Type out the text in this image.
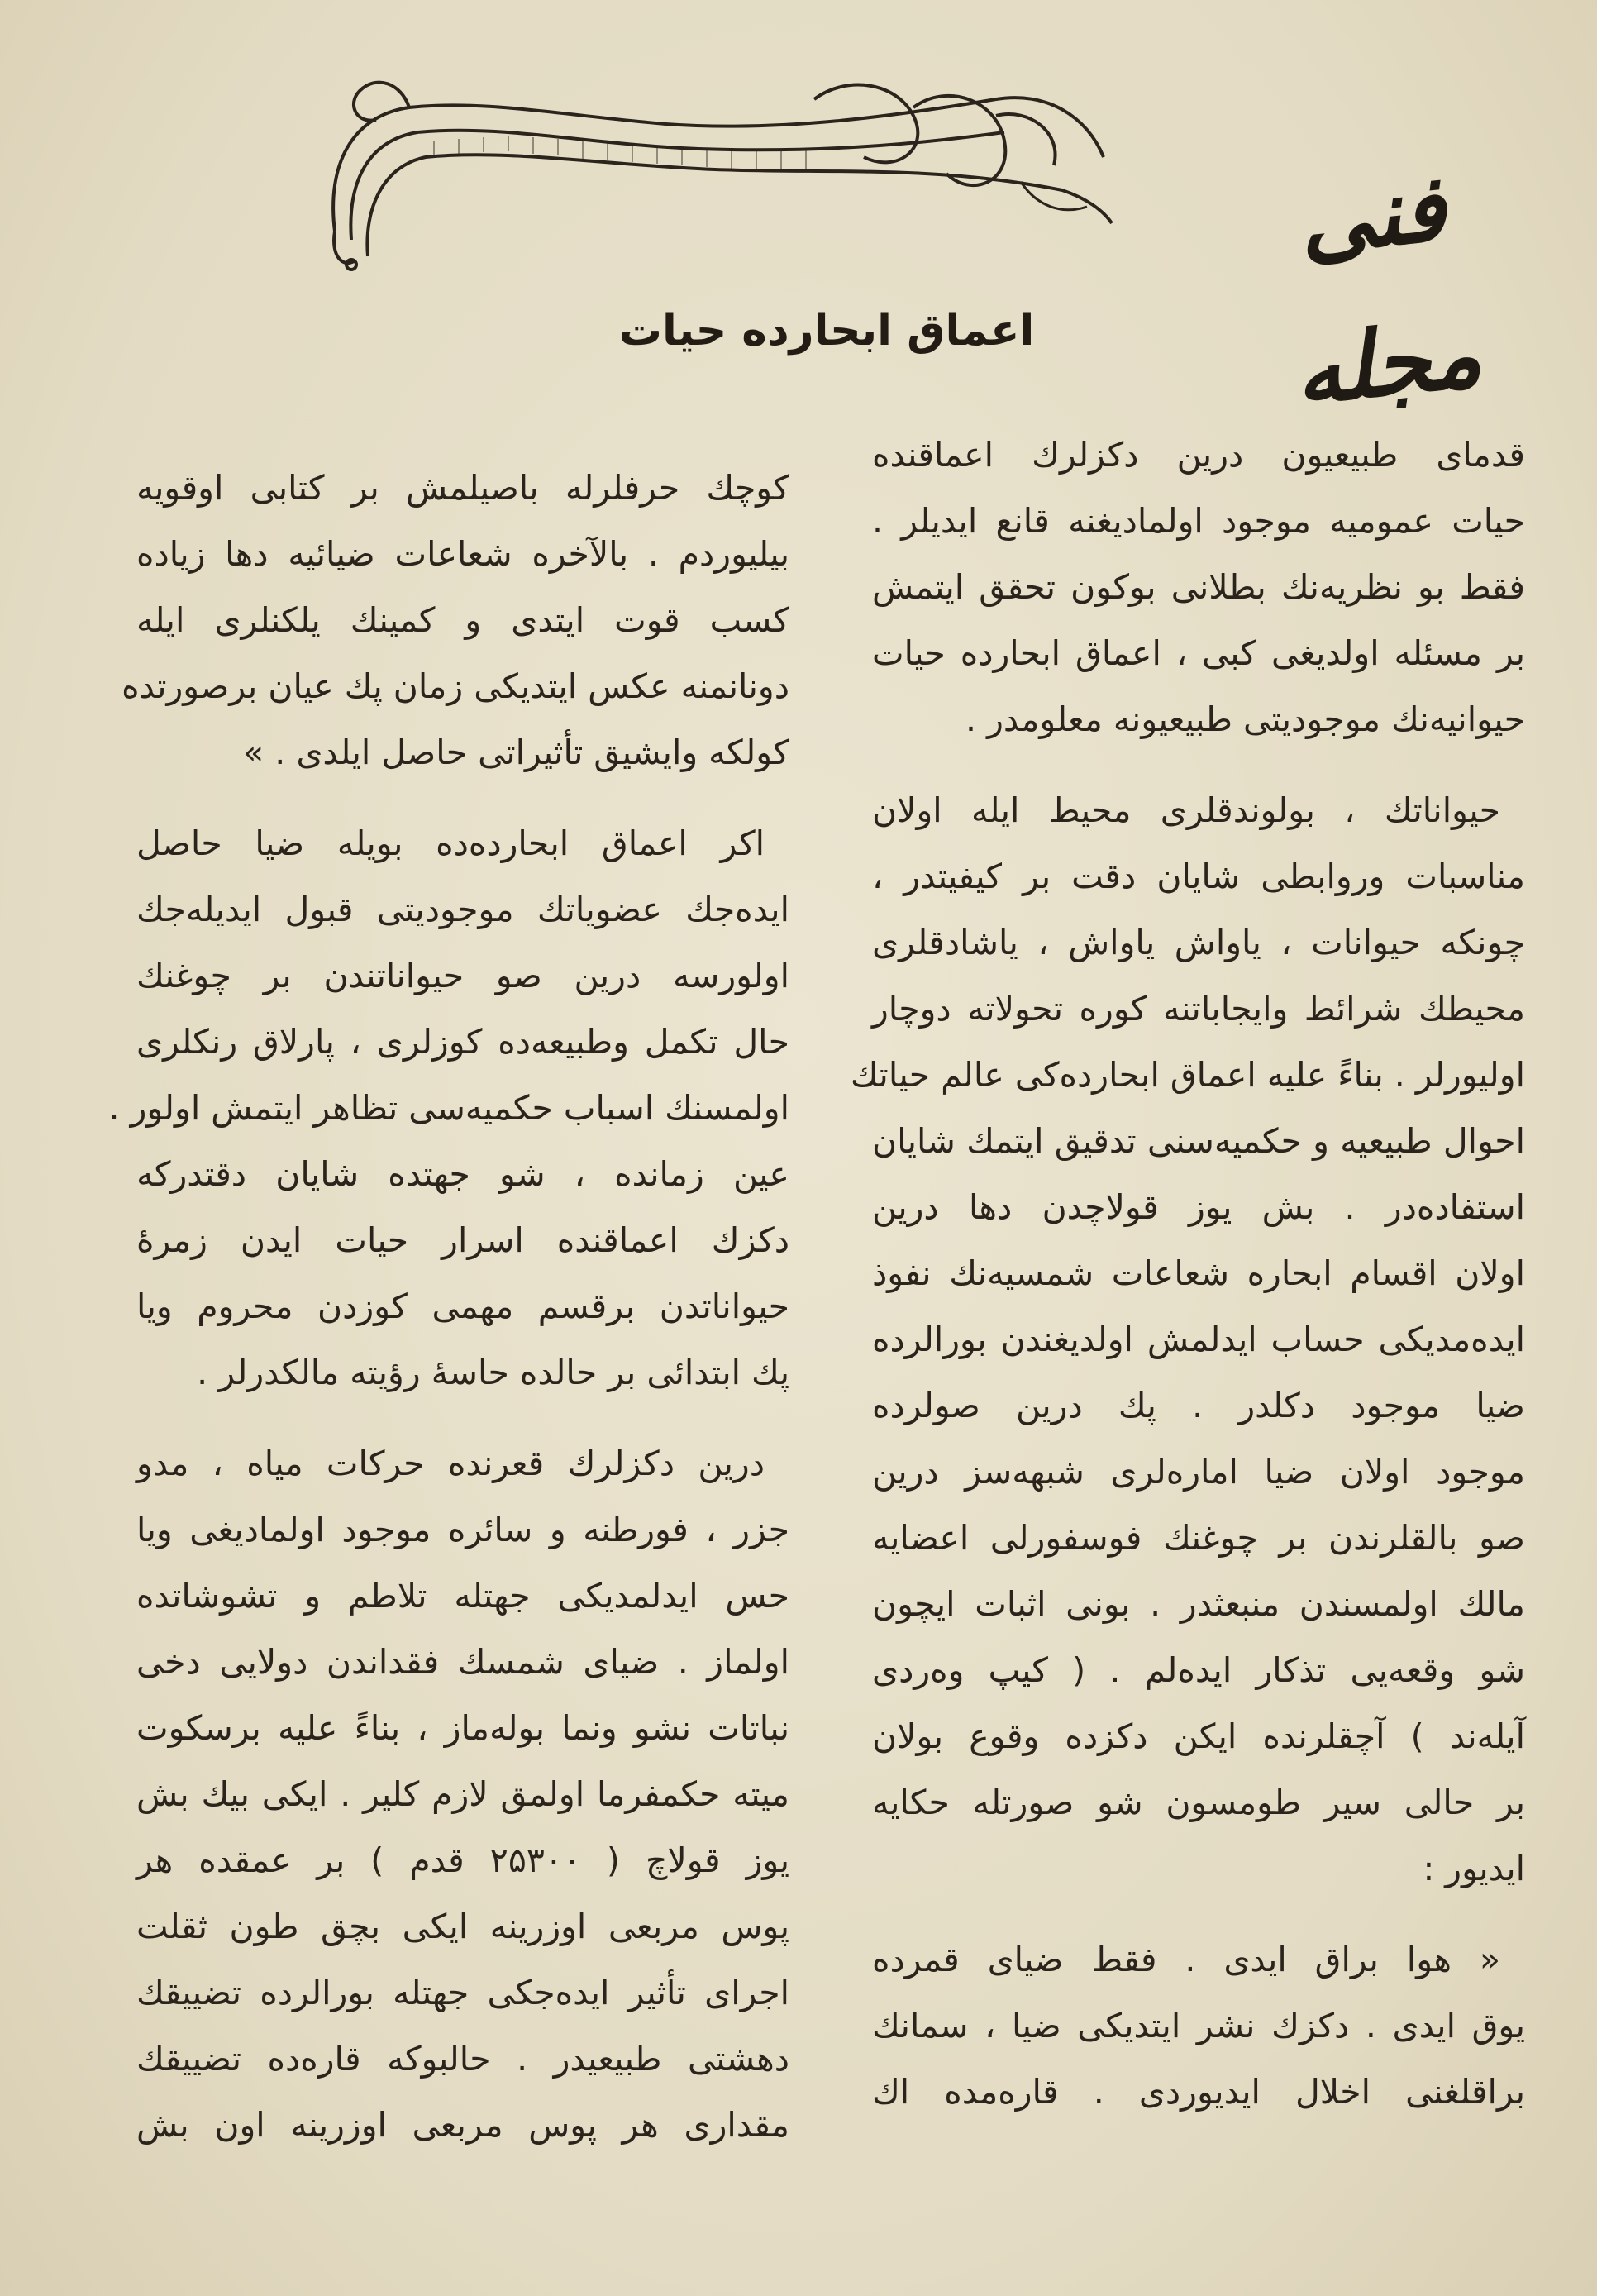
فنی مجله
اعماق ابحارده حیات
قدمای طبیعیون درین دکزلرك اعماقنده
حیات عمومیه موجود اولمادیغنه قانع ایدیلر .
فقط بو نظریه‌نك بطلانی بوکون تحقق ایتمش
بر مسئله اولدیغی کبی ، اعماق ابحارده حیات
حیوانیه‌نك موجودیتی طبیعیونه معلومدر .
حیواناتك ، بولوندقلری محیط ایله اولان
مناسبات وروابطی شایان دقت بر کیفیتدر ،
چونکه حیوانات ، یاواش یاواش ، یاشادقلری
محیطك شرائط وایجاباتنه کوره تحولاته دوچار
اولیورلر . بناءً علیه اعماق ابحارده‌کی عالم حیاتك
احوال طبیعیه و حکمیه‌سنی تدقیق ایتمك شایان
استفاده‌در . بش یوز قولاچدن دها درین
اولان اقسام ابحاره شعاعات شمسیه‌نك نفوذ
ایده‌مدیکی حساب ایدلمش اولدیغندن بورالرده
ضیا موجود دکلدر . پك درین صولرده
موجود اولان ضیا اماره‌لری شبهه‌سز درین
صو بالقلرندن بر چوغنك فوسفورلی اعضایه
مالك اولمسندن منبعثدر . بونی اثبات ایچون
شو وقعه‌یی تذکار ایده‌لم . ( کیپ وه‌ردی
آیله‌ند ) آچقلرنده ایکن دکزده وقوع بولان
بر حالی سیر طومسون شو صورتله حکایه
ایدیور :
« هوا براق ایدی . فقط ضیای قمرده
یوق ایدی . دکزك نشر ایتدیکی ضیا ، سمانك
براقلغنی اخلال ایدیوردی . قاره‌مده اك
کوچك حرفلرله باصیلمش بر کتابی اوقویه
بیلیوردم . بالآخره شعاعات ضیائیه دها زیاده
کسب قوت ایتدی و کمینك یلکنلری ایله
دونانمنه عکس ایتدیکی زمان پك عیان برصورتده
کولکه وایشیق تأثیراتی حاصل ایلدی . »
اکر اعماق ابحارده‌ده بویله ضیا حاصل
ایده‌جك عضویاتك موجودیتی قبول ایدیله‌جك
اولورسه درین صو حیواناتندن بر چوغنك
حال تکمل وطبیعه‌ده کوزلری ، پارلاق رنکلری
اولمسنك اسباب حکمیه‌سی تظاهر ایتمش اولور .
عین زمانده ، شو جهتده شایان دقتدرکه
دکزك اعماقنده اسرار حیات ایدن زمرهٔ
حیواناتدن برقسم مهمی کوزدن محروم ویا
پك ابتدائی بر حالده حاسهٔ رؤیته مالکدرلر .
درین دکزلرك قعرنده حرکات میاه ، مدو
جزر ، فورطنه و سائره موجود اولمادیغی ویا
حس ایدلمدیکی جهتله تلاطم و تشوشاتده
اولماز . ضیای شمسك فقداندن دولایی دخی
نباتات نشو ونما بوله‌ماز ، بناءً علیه برسکوت
میته حکمفرما اولمق لازم کلیر . ایکی بیك بش
یوز قولاچ ( ۲۵۳۰۰ قدم ) بر عمقده هر
پوس مربعی اوزرینه ایکی بچق طون ثقلت
اجرای تأثیر ایده‌جکی جهتله بورالرده تضییقك
دهشتی طبیعیدر . حالبوکه قاره‌ده تضییقك
مقداری هر پوس مربعی اوزرینه اون بش
